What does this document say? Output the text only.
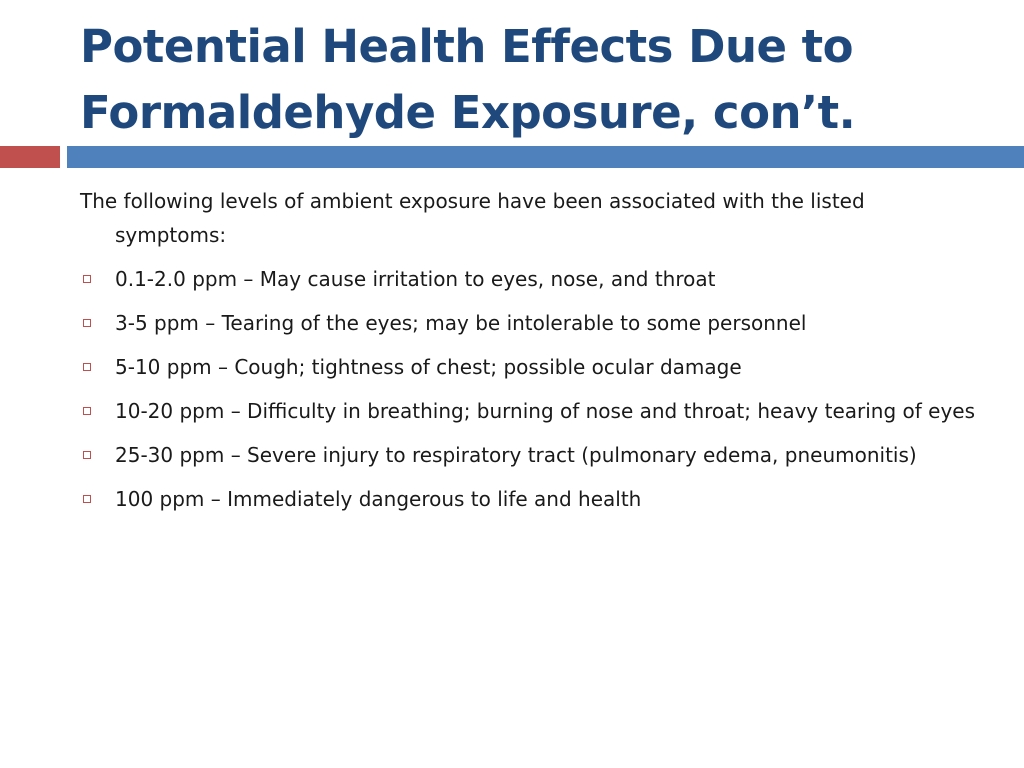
Potential Health Effects Due to
Formaldehyde Exposure, con’t.

The following levels of ambient exposure have been associated with the listed symptoms:

0.1-2.0 ppm – May cause irritation to eyes, nose, and throat
3-5 ppm – Tearing of the eyes; may be intolerable to some personnel
5-10 ppm – Cough; tightness of chest; possible ocular damage
10-20 ppm – Difficulty in breathing; burning of nose and throat; heavy tearing of eyes
25-30 ppm – Severe injury to respiratory tract (pulmonary edema, pneumonitis)
100 ppm – Immediately dangerous to life and health
